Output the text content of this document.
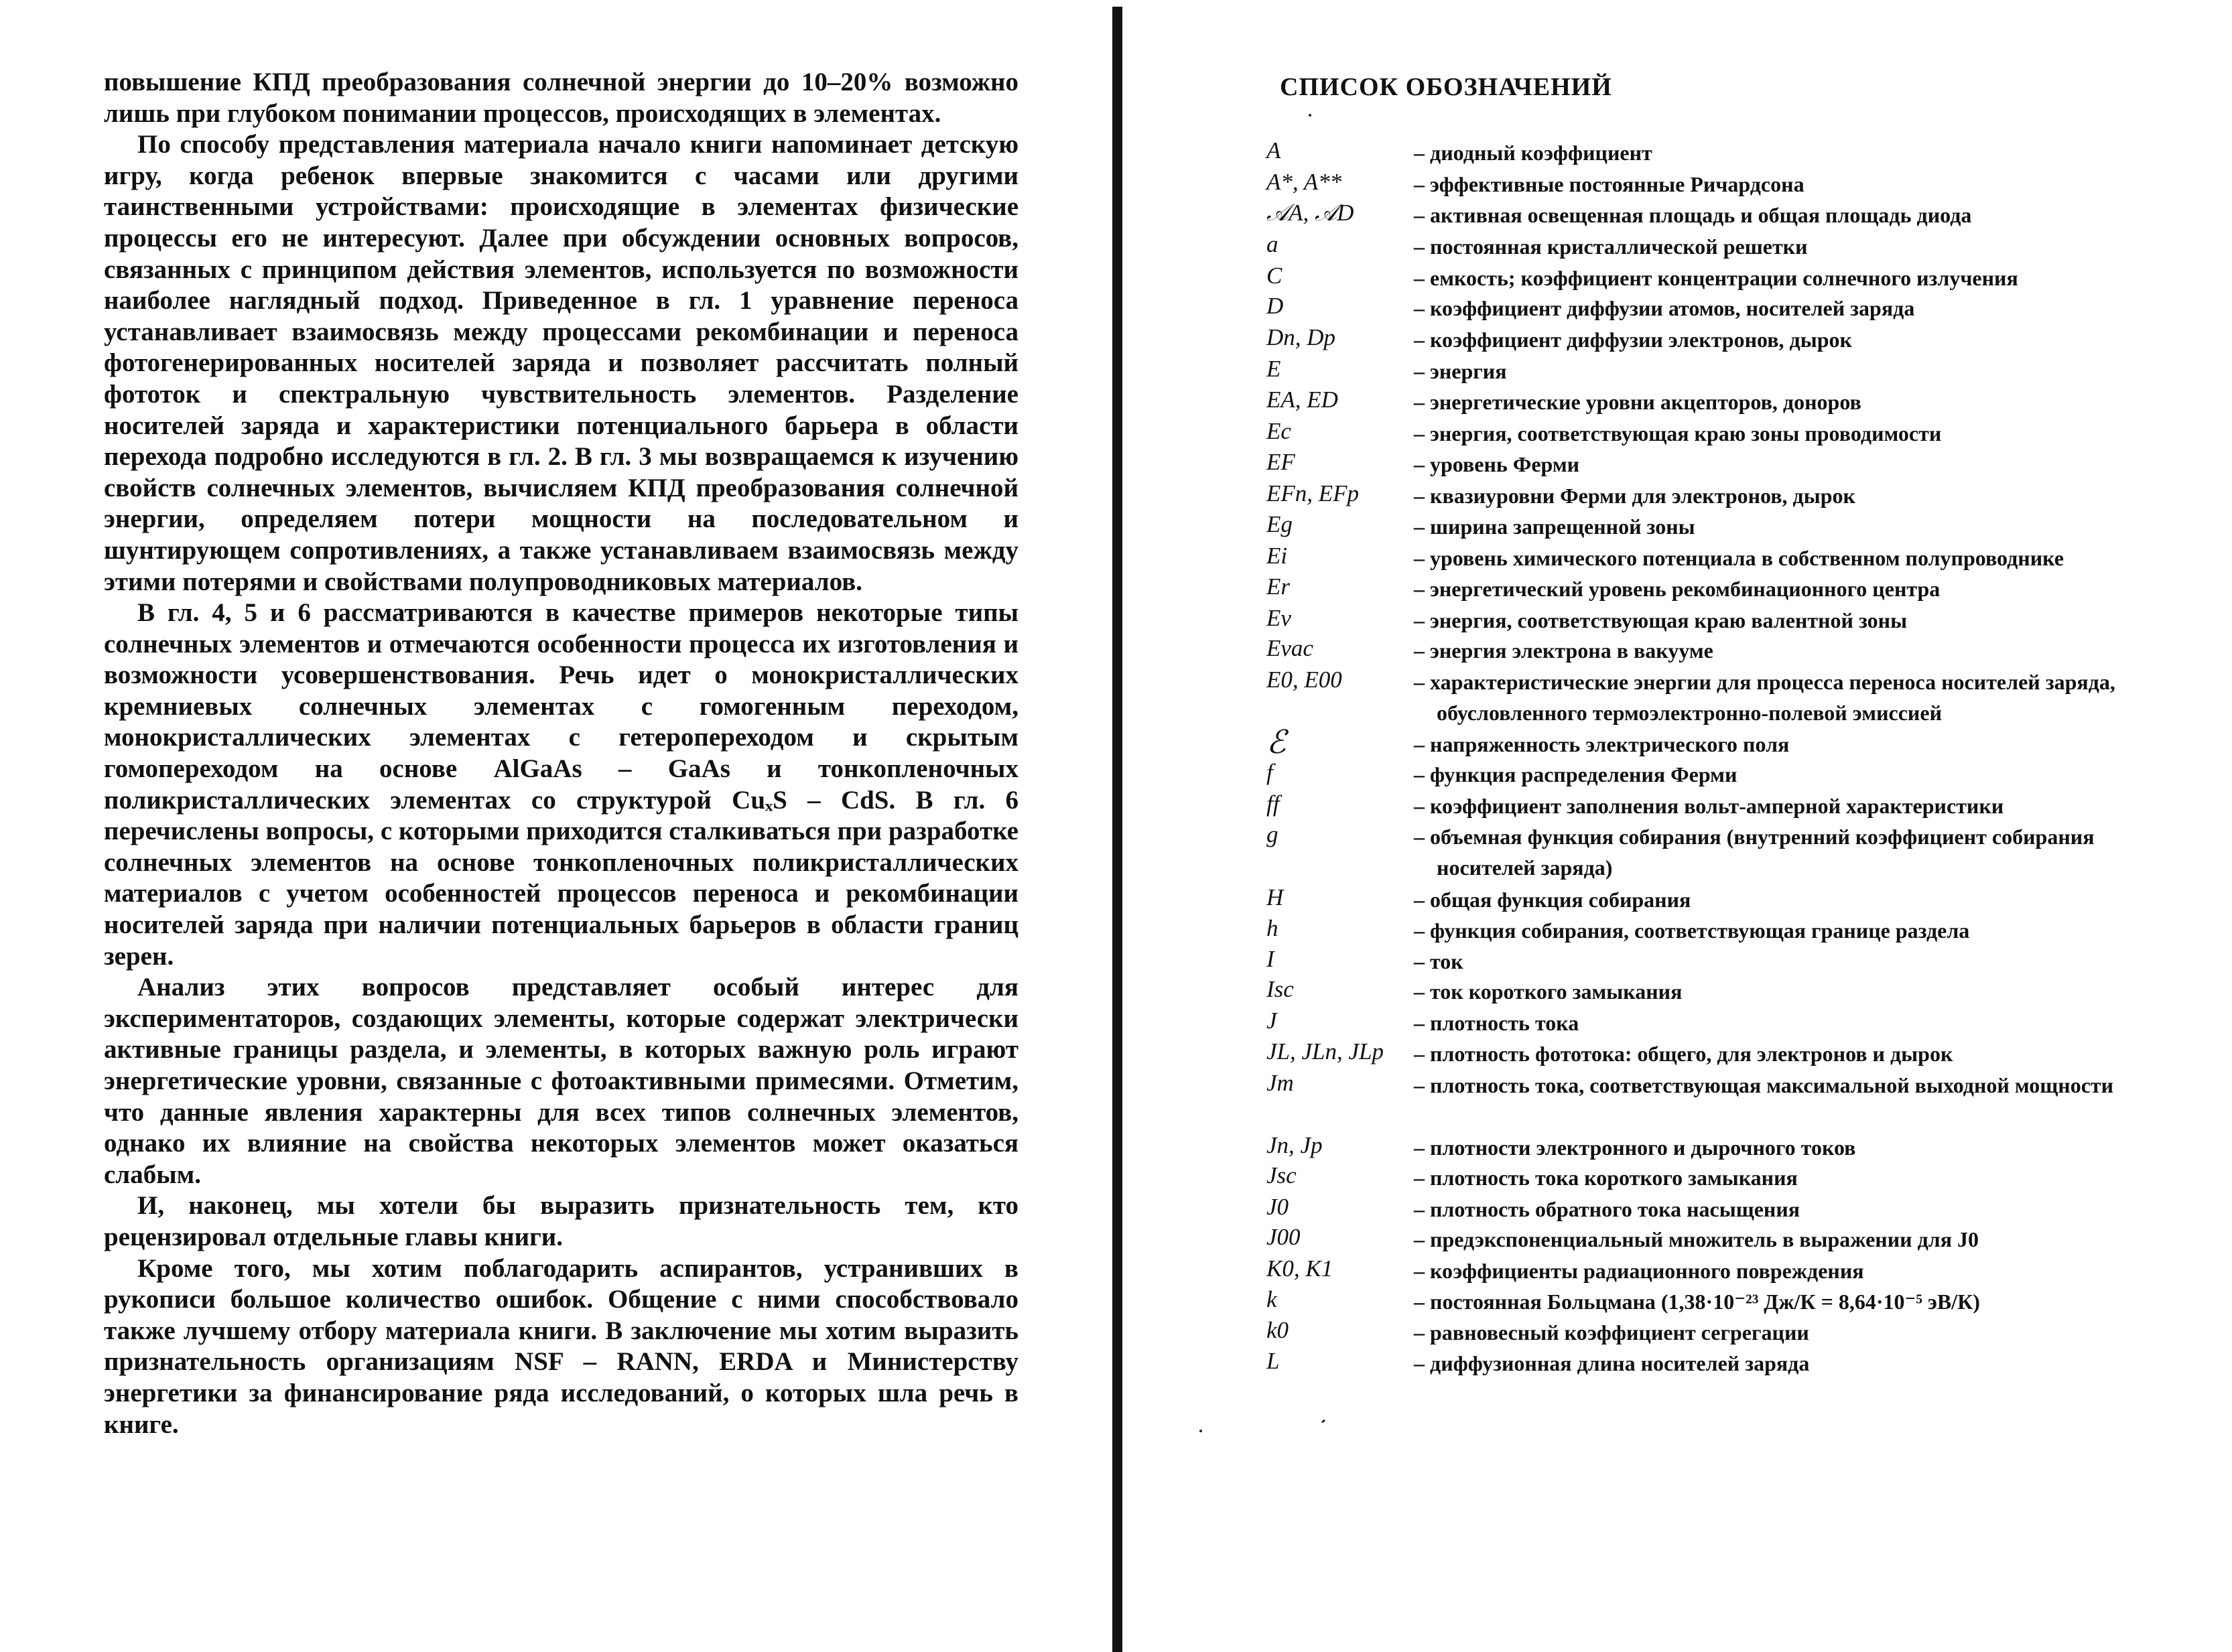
повышение КПД преобразования солнечной энергии до 10–20% возможно лишь при глубоком понимании процессов, происходящих в элементах.

По способу представления материала начало книги напоминает детскую игру, когда ребенок впервые знакомится с часами или другими таинственными устройствами: происходящие в элементах физические процессы его не интересуют. Далее при обсуждении основных вопросов, связанных с принципом действия элементов, используется по возможности наиболее наглядный подход. Приведенное в гл. 1 уравнение переноса устанавливает взаимосвязь между процессами рекомбинации и переноса фотогенерированных носителей заряда и позволяет рассчитать полный фототок и спектральную чувствительность элементов. Разделение носителей заряда и характеристики потенциального барьера в области перехода подробно исследуются в гл. 2. В гл. 3 мы возвращаемся к изучению свойств солнечных элементов, вычисляем КПД преобразования солнечной энергии, определяем потери мощности на последовательном и шунтирующем сопротивлениях, а также устанавливаем взаимосвязь между этими потерями и свойствами полупроводниковых материалов.

В гл. 4, 5 и 6 рассматриваются в качестве примеров некоторые типы солнечных элементов и отмечаются особенности процесса их изготовления и возможности усовершенствования. Речь идет о монокристаллических кремниевых солнечных элементах с гомогенным переходом, монокристаллических элементах с гетеропереходом и скрытым гомопереходом на основе AlGaAs – GaAs и тонкопленочных поликристаллических элементах со структурой CuₓS – CdS. В гл. 6 перечислены вопросы, с которыми приходится сталкиваться при разработке солнечных элементов на основе тонкопленочных поликристаллических материалов с учетом особенностей процессов переноса и рекомбинации носителей заряда при наличии потенциальных барьеров в области границ зерен.

Анализ этих вопросов представляет особый интерес для экспериментаторов, создающих элементы, которые содержат электрически активные границы раздела, и элементы, в которых важную роль играют энергетические уровни, связанные с фотоактивными примесями. Отметим, что данные явления характерны для всех типов солнечных элементов, однако их влияние на свойства некоторых элементов может оказаться слабым.

И, наконец, мы хотели бы выразить признательность тем, кто рецензировал отдельные главы книги.

Кроме того, мы хотим поблагодарить аспирантов, устранивших в рукописи большое количество ошибок. Общение с ними способствовало также лучшему отбору материала книги. В заключение мы хотим выразить признательность организациям NSF – RANN, ERDA и Министерству энергетики за финансирование ряда исследований, о которых шла речь в книге.

СПИСОК ОБОЗНАЧЕНИЙ
A	– диодный коэффициент
A*, A**	– эффективные постоянные Ричардсона
𝒜A, 𝒜D	– активная освещенная площадь и общая площадь диода
a	– постоянная кристаллической решетки
C	– емкость; коэффициент концентрации солнечного излучения
D	– коэффициент диффузии атомов, носителей заряда
Dn, Dp	– коэффициент диффузии электронов, дырок
E	– энергия
EA, ED	– энергетические уровни акцепторов, доноров
Ec	– энергия, соответствующая краю зоны проводимости
EF	– уровень Ферми
EFn, EFp	– квазиуровни Ферми для электронов, дырок
Eg	– ширина запрещенной зоны
Ei	– уровень химического потенциала в собственном полупроводнике
Er	– энергетический уровень рекомбинационного центра
Ev	– энергия, соответствующая краю валентной зоны
Evac	– энергия электрона в вакууме
E0, E00	– характеристические энергии для процесса переноса носителей заряда,
обусловленного термоэлектронно-полевой эмиссией
ℰ	– напряженность электрического поля
f	– функция распределения Ферми
ff	– коэффициент заполнения вольт-амперной характеристики
g	– объемная функция собирания (внутренний коэффициент собирания
носителей заряда)
H	– общая функция собирания
h	– функция собирания, соответствующая границе раздела
I	– ток
Isc	– ток короткого замыкания
J	– плотность тока
JL, JLn, JLp	– плотность фототока: общего, для электронов и дырок
Jm	– плотность тока, соответствующая максимальной выходной мощности
Jn, Jp	– плотности электронного и дырочного токов
Jsc	– плотность тока короткого замыкания
J0	– плотность обратного тока насыщения
J00	– предэкспоненциальный множитель в выражении для J0
K0, K1	– коэффициенты радиационного повреждения
k	– постоянная Больцмана (1,38·10⁻²³ Дж/К = 8,64·10⁻⁵ эВ/К)
k0	– равновесный коэффициент сегрегации
L	– диффузионная длина носителей заряда
